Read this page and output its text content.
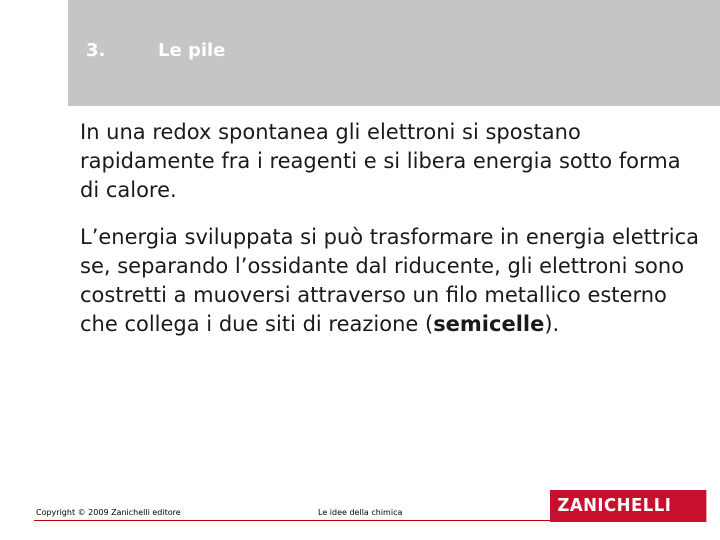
3.	Le pile

In una redox spontanea gli elettroni si spostano rapidamente fra i reagenti e si libera energia sotto forma di calore.

L’energia sviluppata si può trasformare in energia elettrica se, separando l’ossidante dal riducente, gli elettroni sono costretti a muoversi attraverso un filo metallico esterno che collega i due siti di reazione (semicelle).

Copyright © 2009 Zanichelli editore	Le idee della chimica	ZANICHELLI
